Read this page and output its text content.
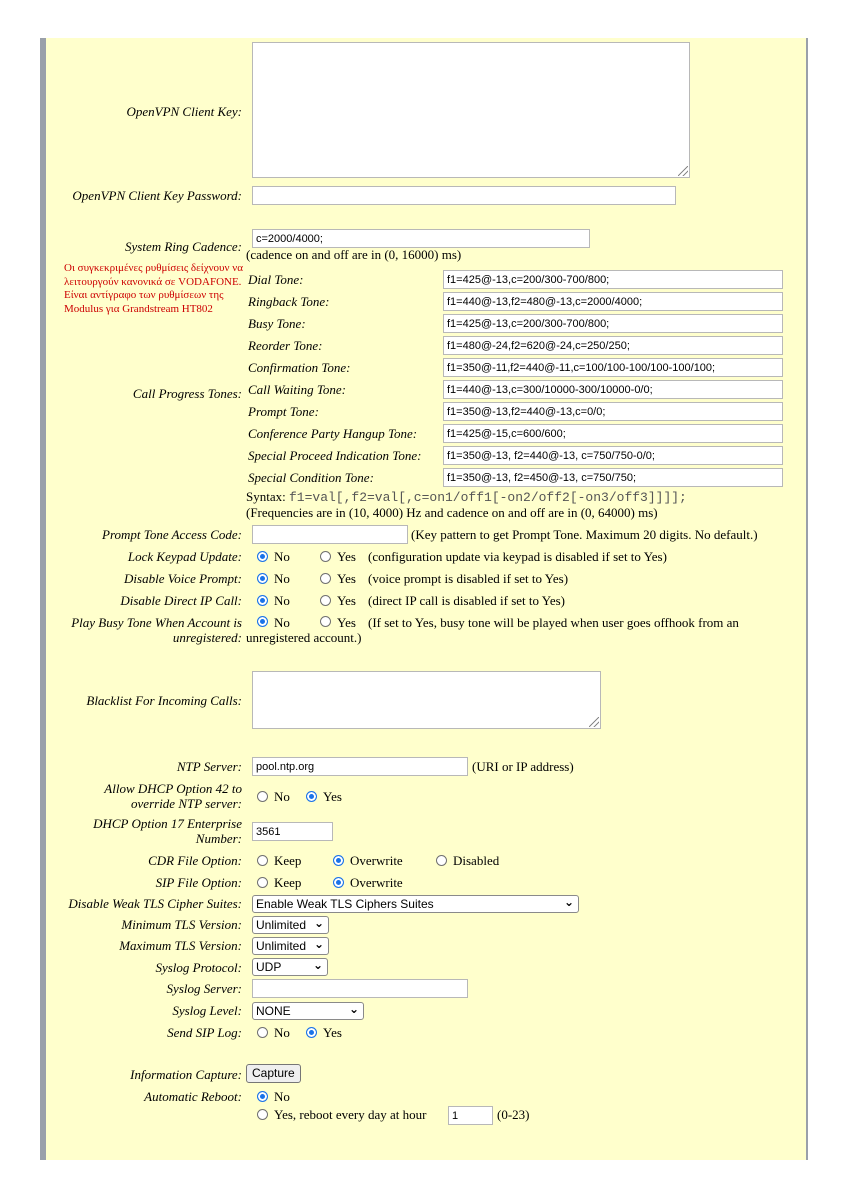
OpenVPN Client Key:
OpenVPN Client Key Password:
System Ring Cadence:
c=2000/4000;
(cadence on and off are in (0, 16000) ms)
Οι συγκεκριμένες ρυθμίσεις δείχνουν να λειτουργούν κανονικά σε VODAFONE. Είναι αντίγραφο των ρυθμίσεων της Modulus για Grandstream HT802
Call Progress Tones:
Dial Tone:
f1=425@-13,c=200/300-700/800;
Ringback Tone:
f1=440@-13,f2=480@-13,c=2000/4000;
Busy Tone:
f1=425@-13,c=200/300-700/800;
Reorder Tone:
f1=480@-24,f2=620@-24,c=250/250;
Confirmation Tone:
f1=350@-11,f2=440@-11,c=100/100-100/100-100/100;
Call Waiting Tone:
f1=440@-13,c=300/10000-300/10000-0/0;
Prompt Tone:
f1=350@-13,f2=440@-13,c=0/0;
Conference Party Hangup Tone:
f1=425@-15,c=600/600;
Special Proceed Indication Tone:
f1=350@-13, f2=440@-13, c=750/750-0/0;
Special Condition Tone:
f1=350@-13, f2=450@-13, c=750/750;
Syntax: f1=val[,f2=val[,c=on1/off1[-on2/off2[-on3/off3]]]];
(Frequencies are in (10, 4000) Hz and cadence on and off are in (0, 64000) ms)
Prompt Tone Access Code:	(Key pattern to get Prompt Tone. Maximum 20 digits. No default.)
Lock Keypad Update: No	Yes (configuration update via keypad is disabled if set to Yes)
Disable Voice Prompt: No	Yes (voice prompt is disabled if set to Yes)
Disable Direct IP Call: No	Yes (direct IP call is disabled if set to Yes)
Play Busy Tone When Account is
unregistered:
No	Yes (If set to Yes, busy tone will be played when user goes offhook from an
unregistered account.)
Blacklist For Incoming Calls:
NTP Server:
pool.ntp.org	(URI or IP address)
Allow DHCP Option 42 to
override NTP server: No	Yes
DHCP Option 17 Enterprise
Number:
3561
CDR File Option: Keep	Overwrite	Disabled
SIP File Option: Keep	Overwrite
Disable Weak TLS Cipher Suites:	Enable Weak TLS Ciphers Suites	⌄
Minimum TLS Version:	Unlimited ⌄
Maximum TLS Version:	Unlimited ⌄
Syslog Protocol:	UDP	⌄
Syslog Server:
Syslog Level:	NONE	⌄
Send SIP Log: No	Yes
Information Capture: Capture
Automatic Reboot: No
Yes, reboot every day at hour
1	(0-23)
